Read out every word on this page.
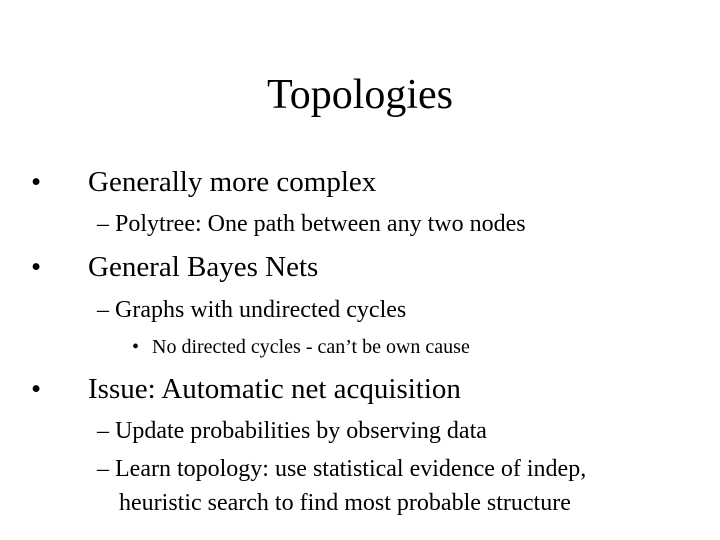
Topologies
• Generally more complex
– Polytree: One path between any two nodes
• General Bayes Nets
– Graphs with undirected cycles
• No directed cycles - can’t be own cause
• Issue: Automatic net acquisition
– Update probabilities by observing data
– Learn topology: use statistical evidence of indep,
heuristic search to find most probable structure
